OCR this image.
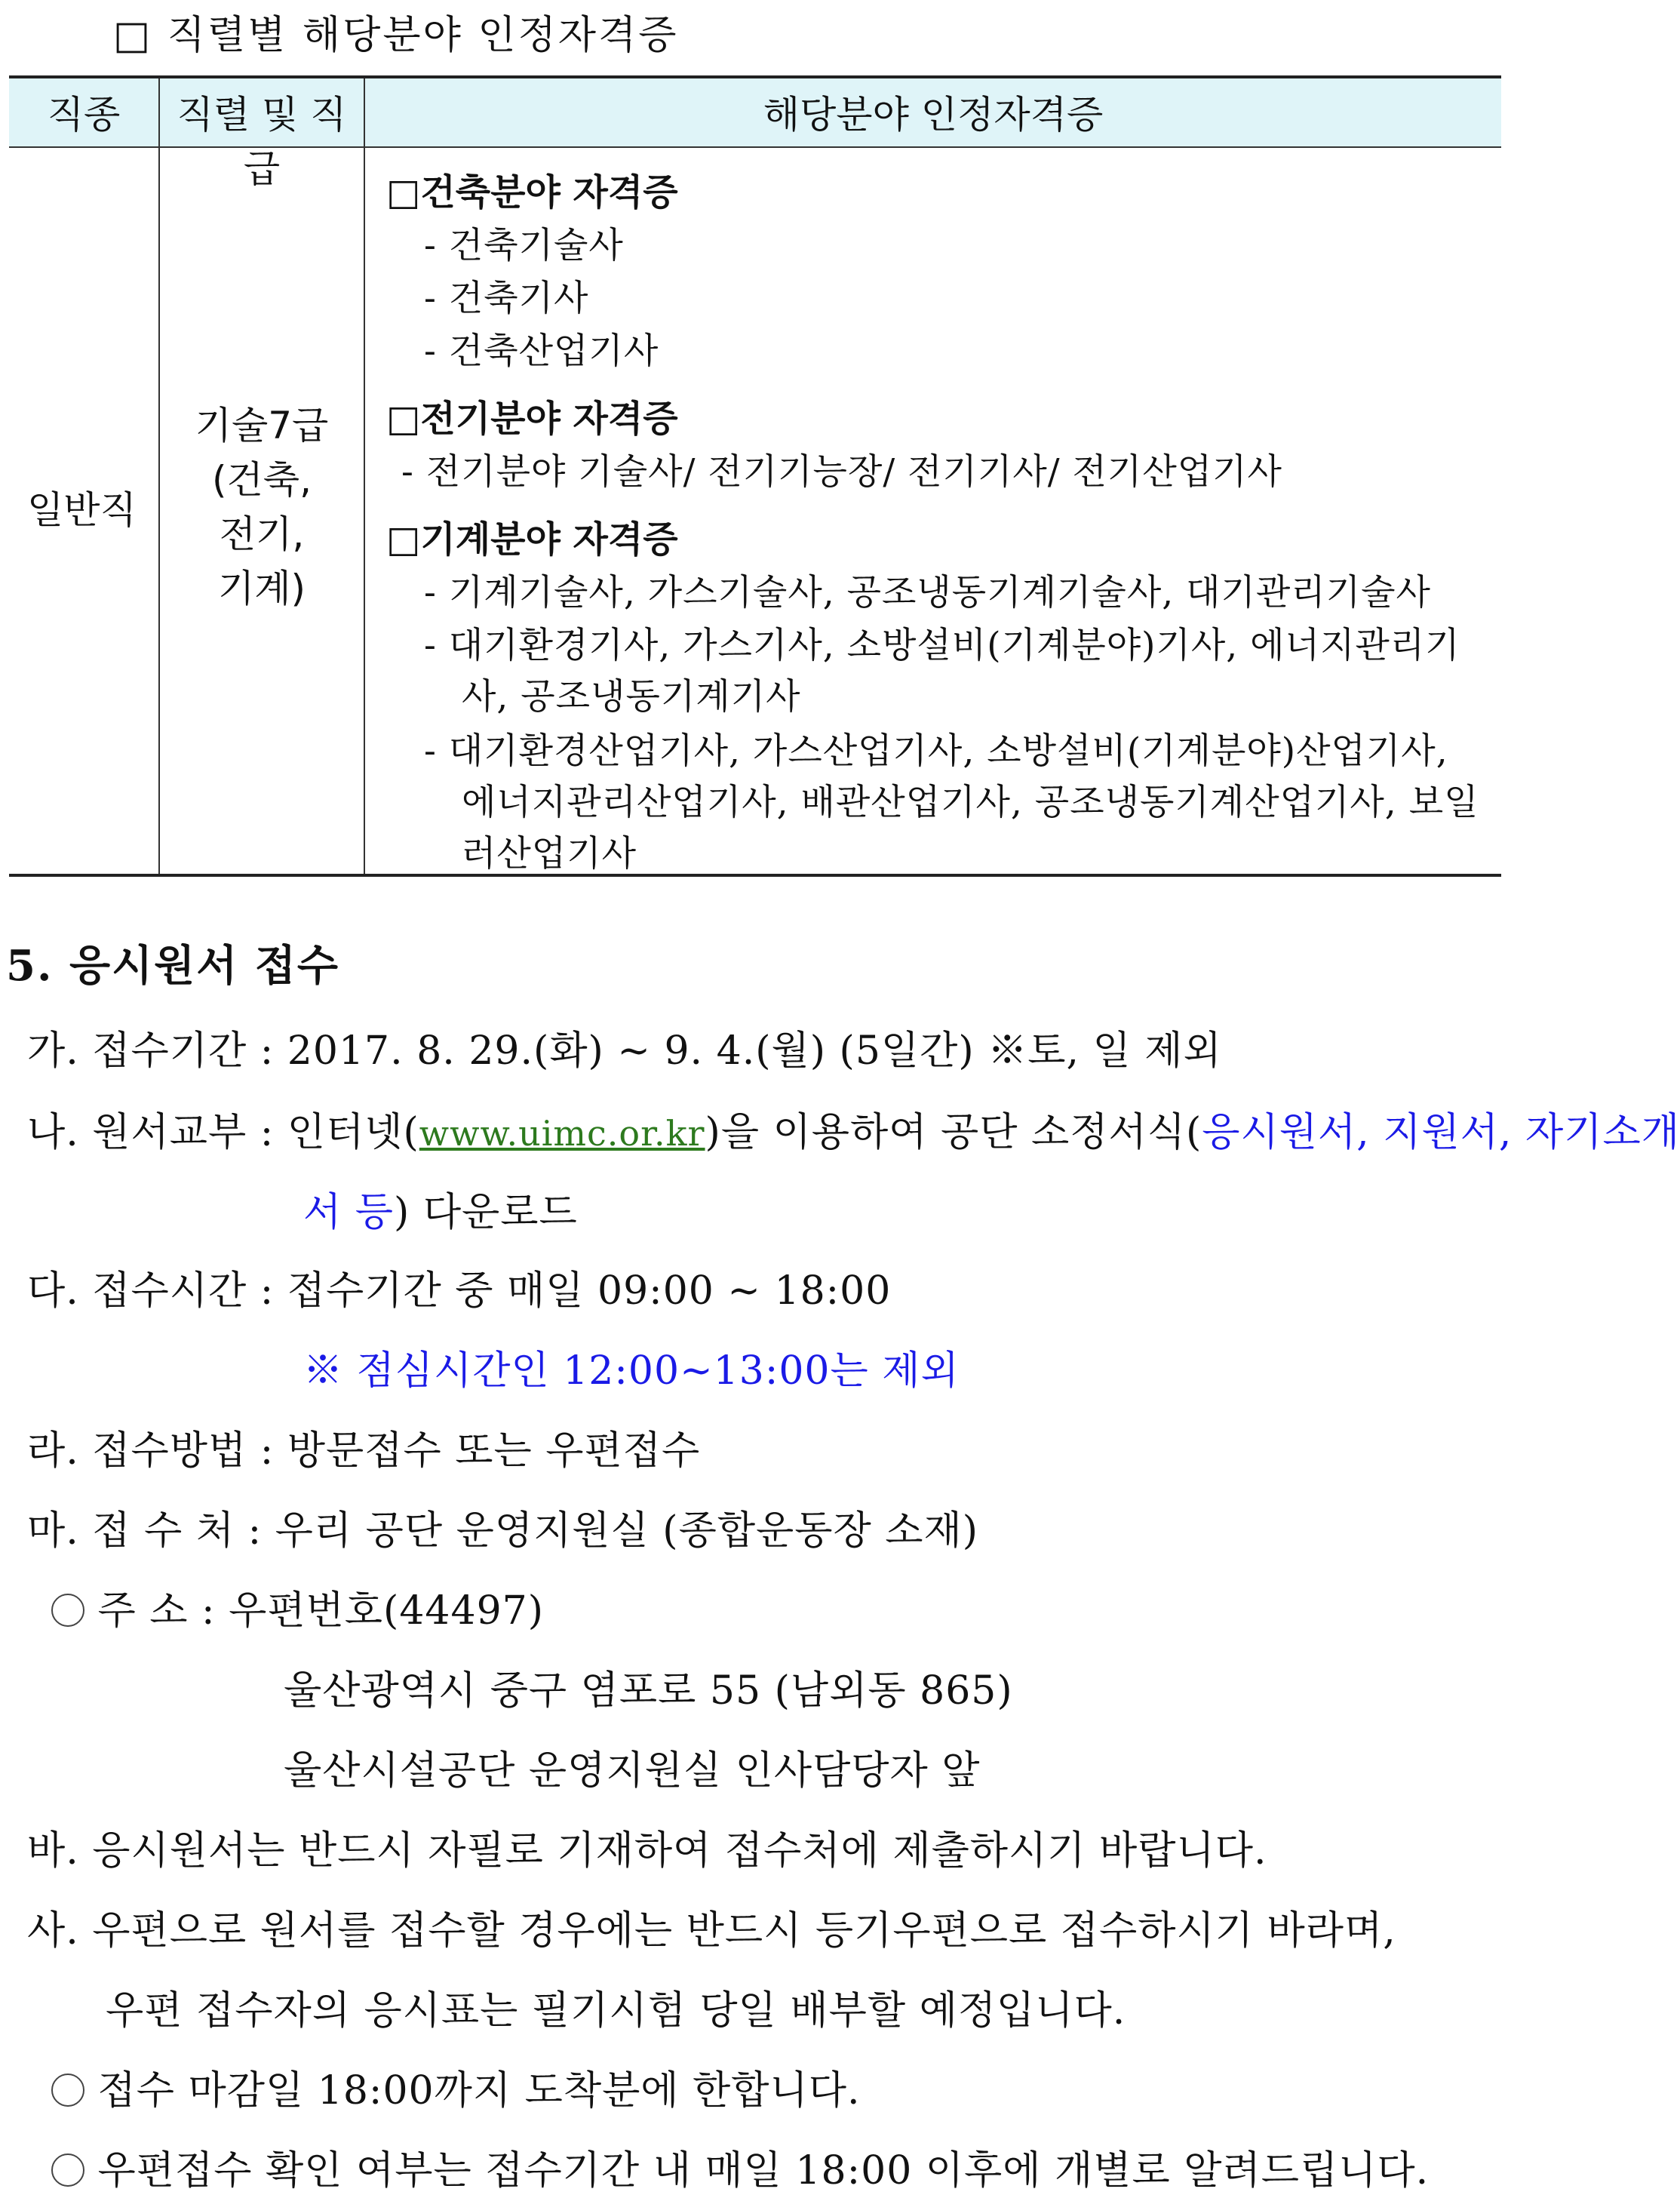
□ 직렬별 해당분야 인정자격증
직종	직렬 및 직급
해당분야 인정자격증
일반직
기술7급
(건축,
전기,
기계)
□건축분야 자격증
- 건축기술사
- 건축기사
- 건축산업기사
□전기분야 자격증
- 전기분야 기술사/ 전기기능장/ 전기기사/ 전기산업기사
□기계분야 자격증
- 기계기술사, 가스기술사, 공조냉동기계기술사, 대기관리기술사
- 대기환경기사, 가스기사, 소방설비(기계분야)기사, 에너지관리기
사, 공조냉동기계기사
- 대기환경산업기사, 가스산업기사, 소방설비(기계분야)산업기사,
에너지관리산업기사, 배관산업기사, 공조냉동기계산업기사, 보일
러산업기사
5. 응시원서 접수
가. 접수기간 : 2017. 8. 29.(화) ~ 9. 4.(월) (5일간) ※토, 일 제외
나. 원서교부 : 인터넷(www.uimc.or.kr)을 이용하여 공단 소정서식(응시원서, 지원서, 자기소개
서 등) 다운로드
다. 접수시간 : 접수기간 중 매일 09:00 ~ 18:00
※ 점심시간인 12:00~13:00는 제외
라. 접수방법 : 방문접수 또는 우편접수
마. 접 수 처 : 우리 공단 운영지원실 (종합운동장 소재)
주 소 : 우편번호(44497)
울산광역시 중구 염포로 55 (남외동 865)
울산시설공단 운영지원실 인사담당자 앞
바. 응시원서는 반드시 자필로 기재하여 접수처에 제출하시기 바랍니다.
사. 우편으로 원서를 접수할 경우에는 반드시 등기우편으로 접수하시기 바라며,
우편 접수자의 응시표는 필기시험 당일 배부할 예정입니다.
접수 마감일 18:00까지 도착분에 한합니다.
우편접수 확인 여부는 접수기간 내 매일 18:00 이후에 개별로 알려드립니다.
